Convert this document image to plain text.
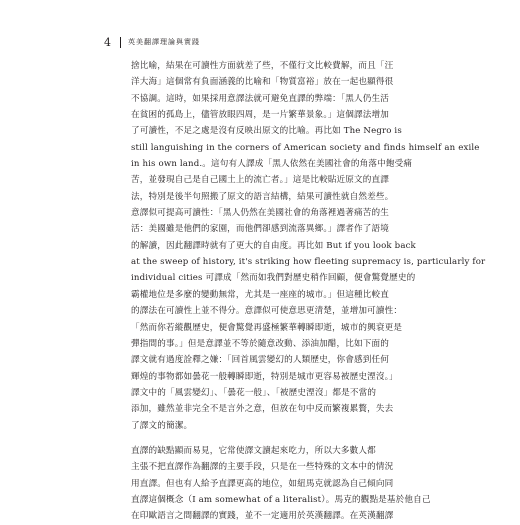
4 英美翻譯理論與實踐
捨比喻，結果在可讀性方面就差了些，不僅行文比較費解，而且「汪
洋大海」這個常有負面涵義的比喻和「物質富裕」放在一起也顯得很
不協調。這時，如果採用意譯法就可避免直譯的弊端：「黑人仍生活
在貧困的孤島上，儘管放眼四周，是一片繁華景象。」這個譯法增加
了可讀性，不足之處是沒有反映出原文的比喻。再比如 The Negro is
still languishing in the corners of American society and finds himself an exile
in his own land.。這句有人譯成「黑人依然在美國社會的角落中飽受痛
苦，並發現自己是自己國土上的流亡者。」這是比較貼近原文的直譯
法，特別是後半句照搬了原文的語言結構，結果可讀性就自然差些。
意譯似可提高可讀性：「黑人仍然在美國社會的角落裡過著痛苦的生
活：美國雖是他們的家園，而他們卻感到流落異鄉。」譯者作了語境
的解讀，因此翻譯時就有了更大的自由度。再比如 But if you look back
at the sweep of history, it's striking how fleeting supremacy is, particularly for
individual cities 可譯成「然而如我們對歷史稍作回顧，便會驚覺歷史的
霸權地位是多麼的變動無常，尤其是一座座的城市。」但這種比較直
的譯法在可讀性上並不得分。意譯似可使意思更清楚，並增加可讀性：
「然而你若縱觀歷史，便會驚覺再盛極繁華轉瞬即逝，城市的興衰更是
彈指間的事。」但是意譯並不等於隨意改動、添油加醋，比如下面的
譯文就有過度詮釋之嫌：「回首風雲變幻的人類歷史，你會感到任何
輝煌的事物都如曇花一般轉瞬即逝，特別是城市更容易被歷史湮沒。」
譯文中的「風雲變幻」、「曇花一般」、「被歷史湮沒」都是不當的
添加，雖然並非完全不是言外之意，但放在句中反而繁複累贅，失去
了譯文的簡潔。
直譯的缺點顯而易見，它常使譯文讀起來吃力，所以大多數人都
主張不把直譯作為翻譯的主要手段，只是在一些特殊的文本中的情況
用直譯。但也有人給予直譯更高的地位，如紐馬克就認為自己傾向同
直譯這個概念（I am somewhat of a literalist）。馬克的觀點是基於他自己
在印歐語言之間翻譯的實踐，並不一定適用於英漢翻譯。在英漢翻譯
